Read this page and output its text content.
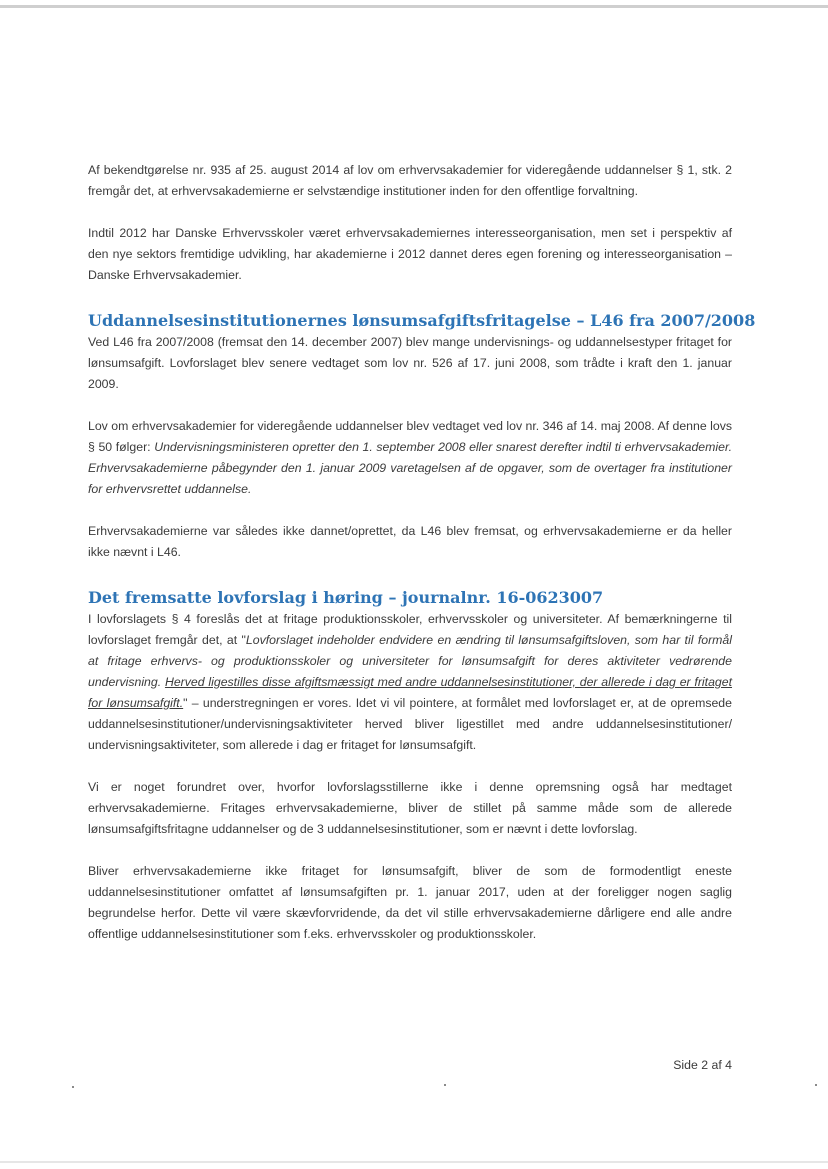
Af bekendtgørelse nr. 935 af 25. august 2014 af lov om erhvervsakademier for videregående uddannelser § 1, stk. 2 fremgår det, at erhvervsakademierne er selvstændige institutioner inden for den offentlige forvaltning.

Indtil 2012 har Danske Erhvervsskoler været erhvervsakademiernes interesseorganisation, men set i perspektiv af den nye sektors fremtidige udvikling, har akademierne i 2012 dannet deres egen forening og interesseorganisation – Danske Erhvervsakademier.

Uddannelsesinstitutionernes lønsumsafgiftsfritagelse – L46 fra 2007/2008

Ved L46 fra 2007/2008 (fremsat den 14. december 2007) blev mange undervisnings- og uddannelsestyper fritaget for lønsumsafgift. Lovforslaget blev senere vedtaget som lov nr. 526 af 17. juni 2008, som trådte i kraft den 1. januar 2009.

Lov om erhvervsakademier for videregående uddannelser blev vedtaget ved lov nr. 346 af 14. maj 2008. Af denne lovs § 50 følger: Undervisningsministeren opretter den 1. september 2008 eller snarest derefter indtil ti erhvervsakademier. Erhvervsakademierne påbegynder den 1. januar 2009 varetagelsen af de opgaver, som de overtager fra institutioner for erhvervsrettet uddannelse.

Erhvervsakademierne var således ikke dannet/oprettet, da L46 blev fremsat, og erhvervsakademierne er da heller ikke nævnt i L46.

Det fremsatte lovforslag i høring – journalnr. 16-0623007

I lovforslagets § 4 foreslås det at fritage produktionsskoler, erhvervsskoler og universiteter. Af bemærkningerne til lovforslaget fremgår det, at "Lovforslaget indeholder endvidere en ændring til lønsumsafgiftsloven, som har til formål at fritage erhvervs- og produktionsskoler og universiteter for lønsumsafgift for deres aktiviteter vedrørende undervisning. Herved ligestilles disse afgiftsmæssigt med andre uddannelsesinstitutioner, der allerede i dag er fritaget for lønsumsafgift." – understregningen er vores. Idet vi vil pointere, at formålet med lovforslaget er, at de opremsede uddannelsesinstitutioner/undervisningsaktiviteter herved bliver ligestillet med andre uddannelsesinstitutioner/ undervisningsaktiviteter, som allerede i dag er fritaget for lønsumsafgift.

Vi er noget forundret over, hvorfor lovforslagsstillerne ikke i denne opremsning også har medtaget erhvervsakademierne. Fritages erhvervsakademierne, bliver de stillet på samme måde som de allerede lønsumsafgiftsfritagne uddannelser og de 3 uddannelsesinstitutioner, som er nævnt i dette lovforslag.

Bliver erhvervsakademierne ikke fritaget for lønsumsafgift, bliver de som de formodentligt eneste uddannelsesinstitutioner omfattet af lønsumsafgiften pr. 1. januar 2017, uden at der foreligger nogen saglig begrundelse herfor. Dette vil være skævforvridende, da det vil stille erhvervsakademierne dårligere end alle andre offentlige uddannelsesinstitutioner som f.eks. erhvervsskoler og produktionsskoler.

Side 2 af 4
